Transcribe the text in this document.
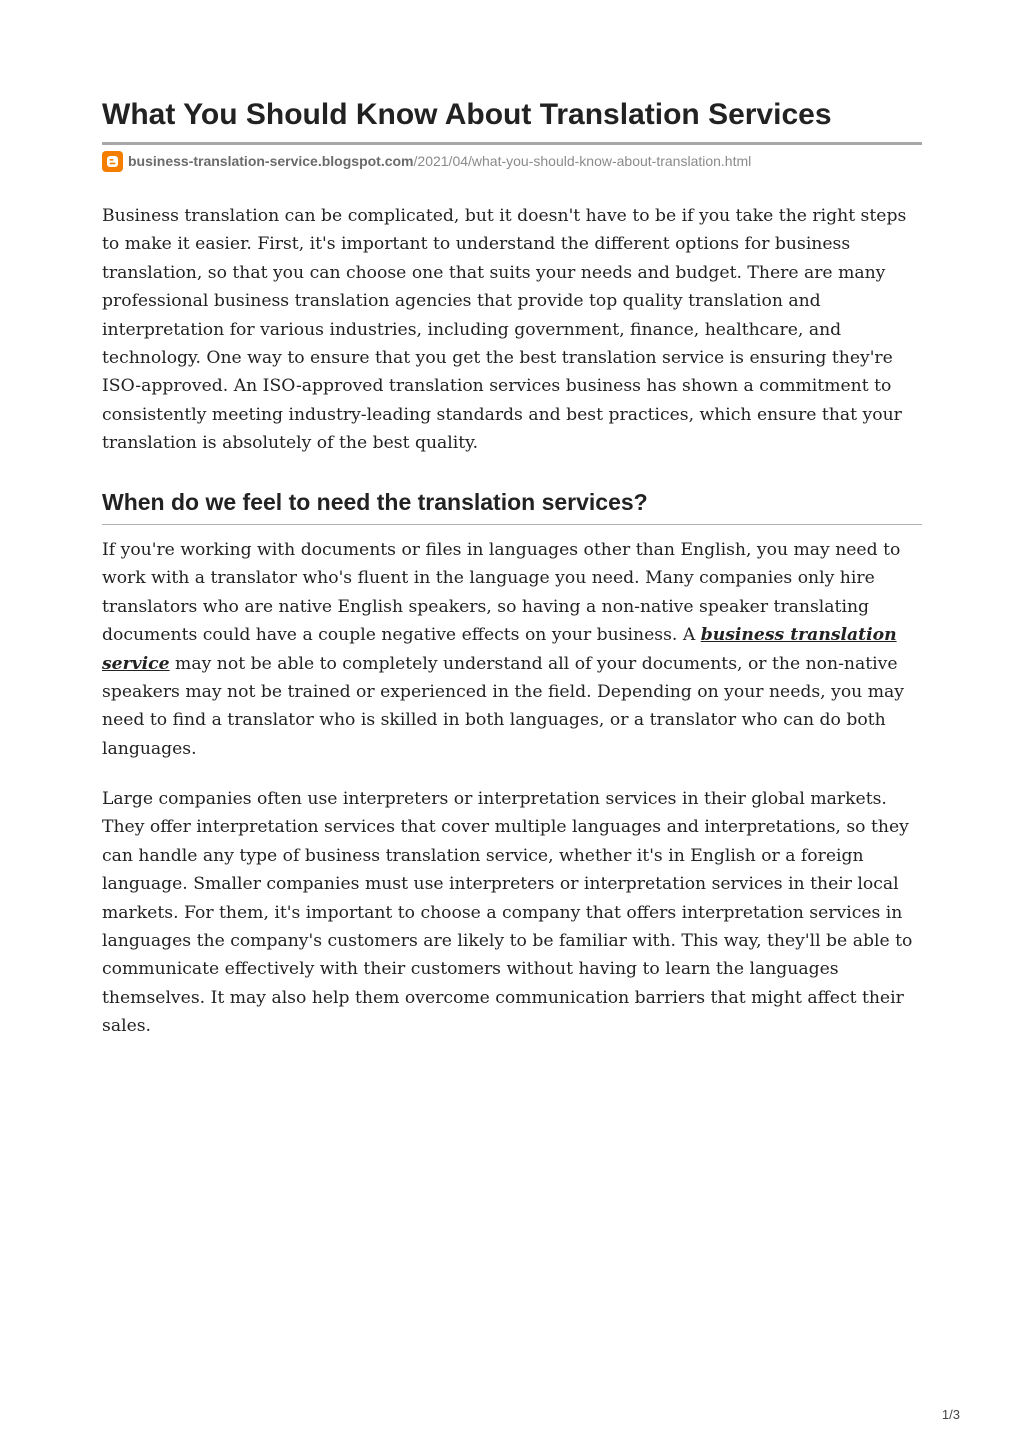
What You Should Know About Translation Services
business-translation-service.blogspot.com /2021/04/what-you-should-know-about-translation.html

Business translation can be complicated, but it doesn't have to be if you take the right steps to make it easier. First, it's important to understand the different options for business translation, so that you can choose one that suits your needs and budget. There are many professional business translation agencies that provide top quality translation and interpretation for various industries, including government, finance, healthcare, and technology. One way to ensure that you get the best translation service is ensuring they're ISO-approved. An ISO-approved translation services business has shown a commitment to consistently meeting industry-leading standards and best practices, which ensure that your translation is absolutely of the best quality.

When do we feel to need the translation services?

If you're working with documents or files in languages other than English, you may need to work with a translator who's fluent in the language you need. Many companies only hire translators who are native English speakers, so having a non-native speaker translating documents could have a couple negative effects on your business. A business translation service may not be able to completely understand all of your documents, or the non-native speakers may not be trained or experienced in the field. Depending on your needs, you may need to find a translator who is skilled in both languages, or a translator who can do both languages.

Large companies often use interpreters or interpretation services in their global markets. They offer interpretation services that cover multiple languages and interpretations, so they can handle any type of business translation service, whether it's in English or a foreign language. Smaller companies must use interpreters or interpretation services in their local markets. For them, it's important to choose a company that offers interpretation services in languages the company's customers are likely to be familiar with. This way, they'll be able to communicate effectively with their customers without having to learn the languages themselves. It may also help them overcome communication barriers that might affect their sales.

1/3
